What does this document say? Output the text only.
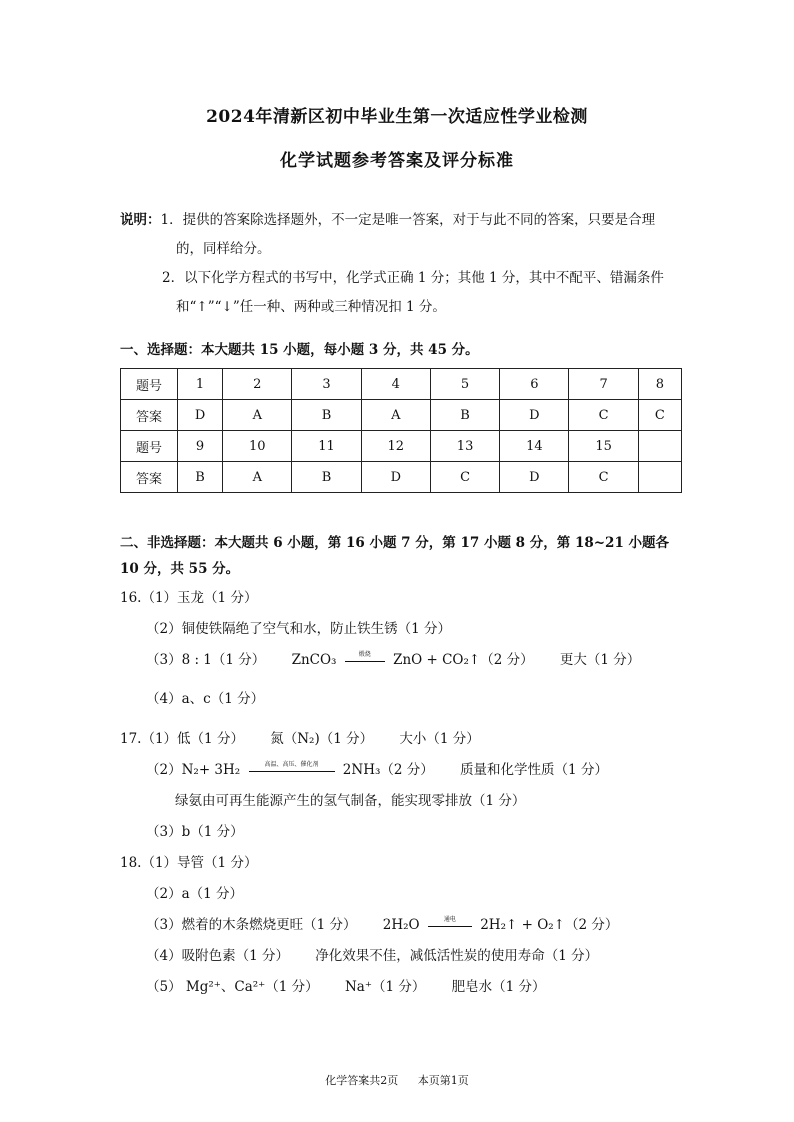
2024年清新区初中毕业生第一次适应性学业检测
化学试题参考答案及评分标准
说明：1．提供的答案除选择题外，不一定是唯一答案，对于与此不同的答案，只要是合理
的，同样给分。
2．以下化学方程式的书写中，化学式正确 1 分；其他 1 分，其中不配平、错漏条件
和“↑”“↓”任一种、两种或三种情况扣 1 分。
一、选择题：本大题共 15 小题，每小题 3 分，共 45 分。
题号	1	2	3	4	5	6	7	8
答案	D	A	B	A	B	D	C	C
题号	9	10	11	12	13	14	15	
答案	B	A	B	D	C	D	C	
二、非选择题：本大题共 6 小题，第 16 小题 7 分，第 17 小题 8 分，第 18~21 小题各 10 分，共 55 分。
16.（1）玉龙（1 分）
（2）铜使铁隔绝了空气和水，防止铁生锈（1 分）
（3）8 : 1（1 分） ZnCO₃	煅烧	ZnO + CO₂↑（2 分） 更大（1 分）
（4）a、c（1 分）
17.（1）低（1 分） 氮（N₂)（1 分） 大小（1 分）
（2）N₂+ 3H₂	高温、高压、催化剂	2NH₃（2 分） 质量和化学性质（1 分）
绿氨由可再生能源产生的氢气制备，能实现零排放（1 分）
（3）b（1 分）
18.（1）导管（1 分）
（2）a（1 分）
（3）燃着的木条燃烧更旺（1 分） 2H₂O	通电	2H₂↑ + O₂↑（2 分）
（4）吸附色素（1 分） 净化效果不佳，减低活性炭的使用寿命（1 分）
（5） Mg²⁺、Ca²⁺（1 分） Na⁺（1 分） 肥皂水（1 分）
化学答案共2页 本页第1页
